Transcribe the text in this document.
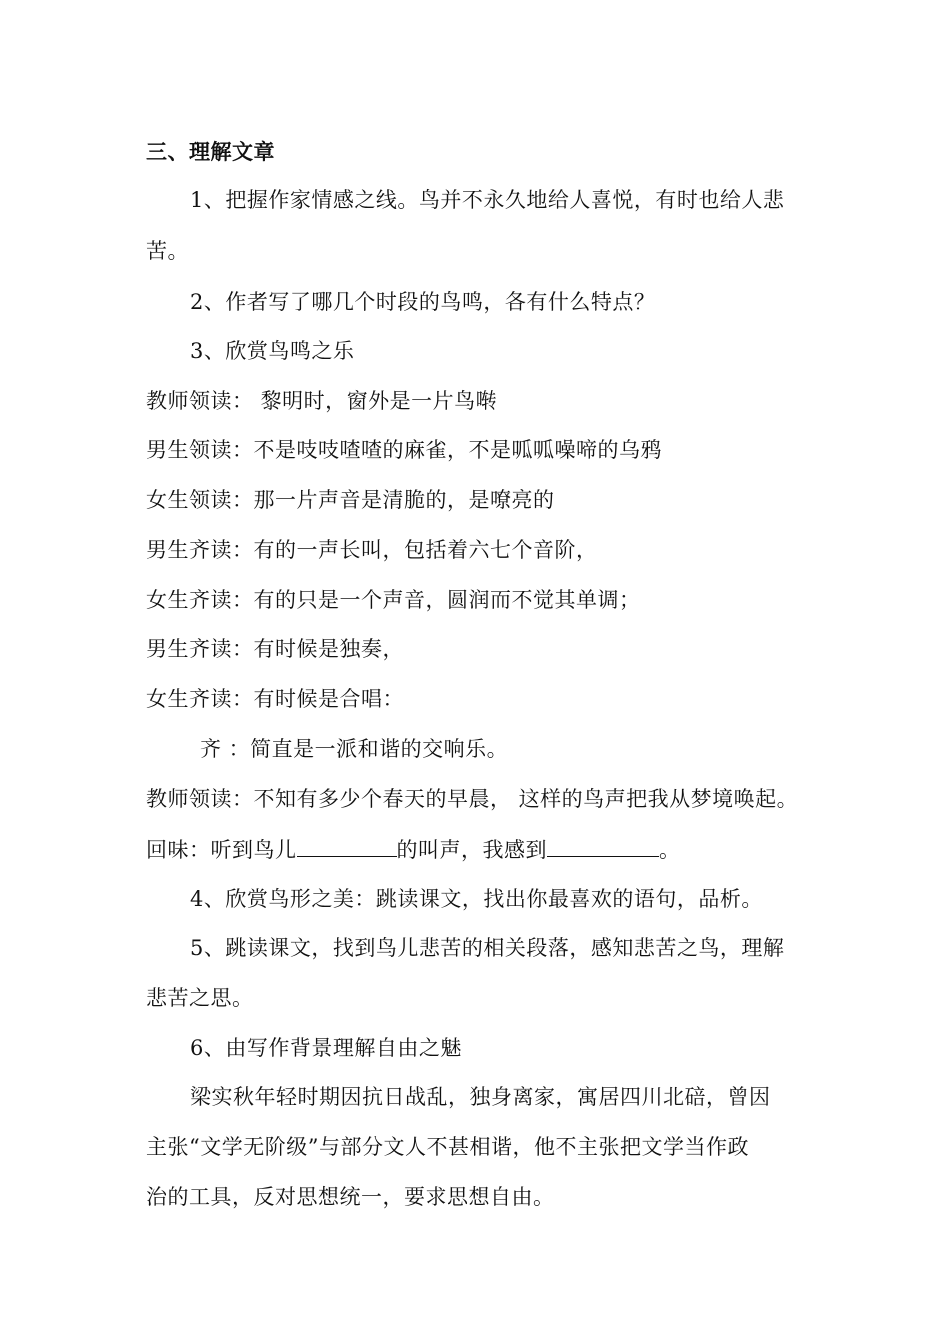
三、理解文章
1、把握作家情感之线。鸟并不永久地给人喜悦，有时也给人悲
苦。
2、作者写了哪几个时段的鸟鸣，各有什么特点？
3、欣赏鸟鸣之乐
教师领读： 黎明时，窗外是一片鸟啭
男生领读：不是吱吱喳喳的麻雀，不是呱呱噪啼的乌鸦
女生领读：那一片声音是清脆的，是嘹亮的
男生齐读：有的一声长叫，包括着六七个音阶，
女生齐读：有的只是一个声音，圆润而不觉其单调；
男生齐读：有时候是独奏，
女生齐读：有时候是合唱：
齐 ：简直是一派和谐的交响乐。
教师领读：不知有多少个春天的早晨， 这样的鸟声把我从梦境唤起。
回味：听到鸟儿	的叫声，我感到	。
4、欣赏鸟形之美：跳读课文，找出你最喜欢的语句，品析。
5、跳读课文，找到鸟儿悲苦的相关段落，感知悲苦之鸟，理解
悲苦之思。
6、由写作背景理解自由之魅
梁实秋年轻时期因抗日战乱，独身离家，寓居四川北碚，曾因
主张“文学无阶级”与部分文人不甚相谐，他不主张把文学当作政
治的工具，反对思想统一，要求思想自由。
